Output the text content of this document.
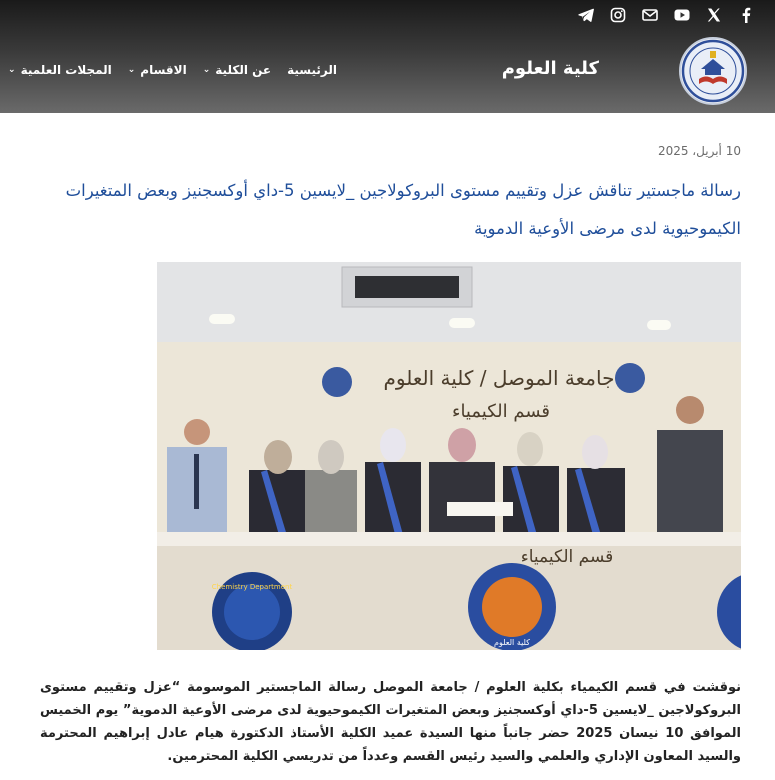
كلية العلوم
الرئيسية
عن الكلية
⌄
الاقسام
⌄
المجلات العلمية
⌄
10 أبريل، 2025
رسالة ماجستير تناقش عزل وتقييم مستوى البروكولاجين _لايسين 5-داي أوكسجنيز وبعض المتغيرات الكيموحيوية لدى مرضى الأوعية الدموية
جامعة الموصل / كلية العلوم
قسم الكيمياء
قسم الكيمياء
Chemistry Department
كلية العلوم

نوقشت في قسم الكيمياء بكلية العلوم / جامعة الموصل رسالة الماجستير الموسومة “عزل وتقييم مستوى البروكولاجين _لايسين 5-داي أوكسجنيز وبعض المتغيرات الكيموحيوية لدى مرضى الأوعية الدموية” يوم الخميس الموافق 10 نيسان 2025 حضر جانباً منها السيدة عميد الكلية الأستاذ الدكتورة هيام عادل إبراهيم المحترمة والسيد المعاون الإداري والعلمي والسيد رئيس القسم وعدداً من تدريسي الكلية المحترمين.
